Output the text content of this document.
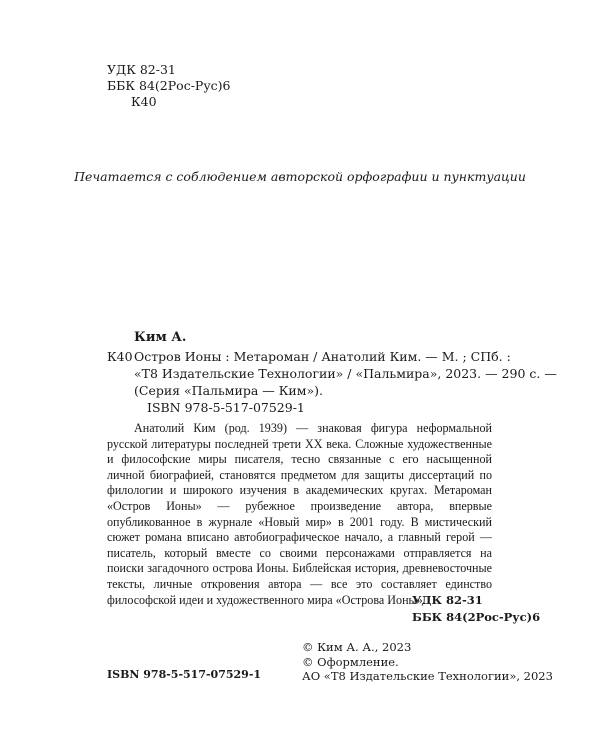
УДК 82-31
ББК 84(2Рос-Рус)6
К40
Печатается с соблюдением авторской орфографии и пунктуации
Ким А.
К40 Остров Ионы : Метароман / Анатолий Ким. — М. ; СПб. :
«Т8 Издательские Технологии» / «Пальмира», 2023. — 290 с. —
(Серия «Пальмира — Ким»).
ISBN 978-5-517-07529-1

Анатолий Ким (род. 1939) — знаковая фигура неформальной русской литературы последней трети XX века. Сложные художественные и философские миры писателя, тесно связанные с его насыщенной личной биографией, становятся предметом для защиты диссертаций по филологии и широкого изучения в академических кругах. Метароман «Остров Ионы» — рубежное произведение автора, впервые опубликованное в журнале «Новый мир» в 2001 году. В мистический сюжет романа вписано автобиографическое начало, а главный герой — писатель, который вместе со своими персонажами отправляется на поиски загадочного острова Ионы. Библейская история, древневосточные тексты, личные откровения автора — все это составляет единство философской идеи и художественного мира «Острова Ионы».

УДК 82-31
ББК 84(2Рос-Рус)6
© Ким А. А., 2023
© Оформление.
АО «Т8 Издательские Технологии», 2023
ISBN 978-5-517-07529-1
